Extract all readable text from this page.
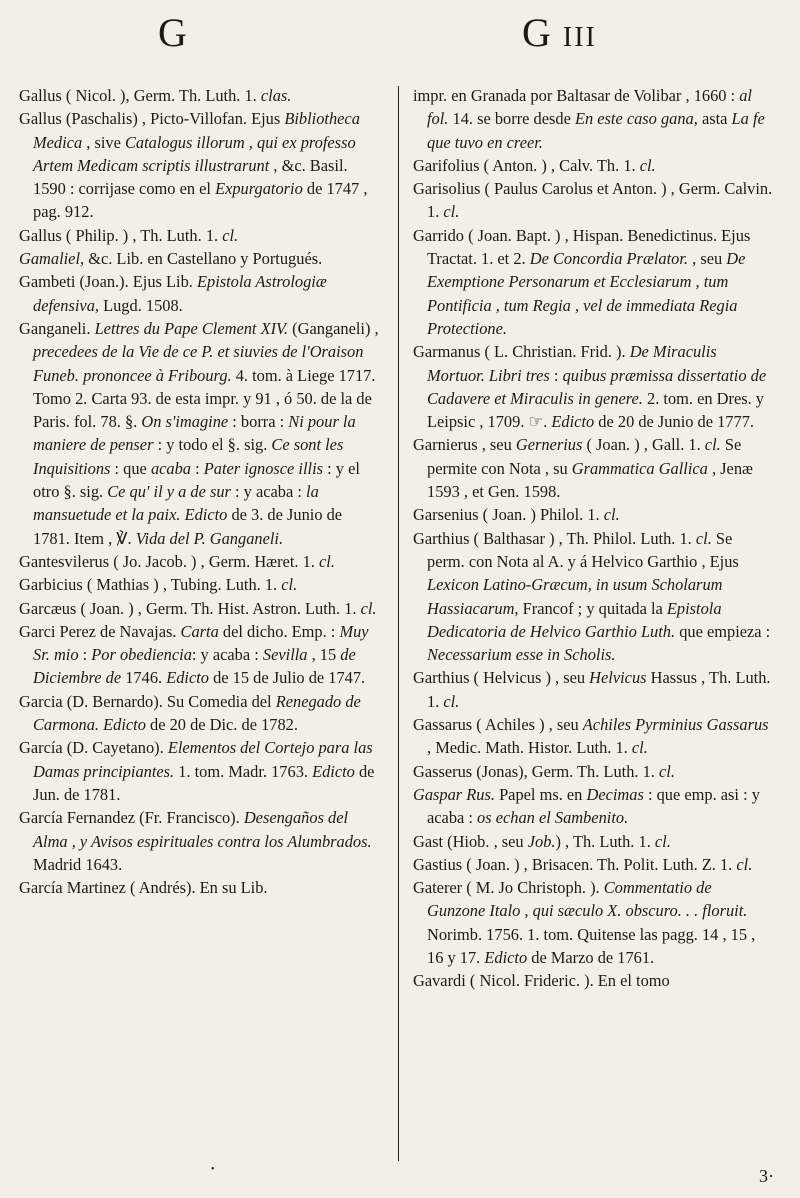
G	G III

Gallus ( Nicol. ), Germ. Th. Luth. 1. clas.

Gallus (Paschalis) , Picto-Villofan. Ejus Bibliotheca Medica , sive Catalogus illorum , qui ex professo Artem Medicam scriptis illustrarunt , &c. Basil. 1590 : corrijase como en el Expurgatorio de 1747 , pag. 912.

Gallus ( Philip. ) , Th. Luth. 1. cl.

Gamaliel, &c. Lib. en Castellano y Portugués.

Gambeti (Joan.). Ejus Lib. Epistola Astrologiæ defensiva, Lugd. 1508.

Ganganeli. Lettres du Pape Clement XIV. (Ganganeli) , precedees de la Vie de ce P. et siuvies de l'Oraison Funeb. prononcee à Fribourg. 4. tom. à Liege 1717. Tomo 2. Carta 93. de esta impr. y 91 , ó 50. de la de Paris. fol. 78. §. On s'imagine : borra : Ni pour la maniere de penser : y todo el §. sig. Ce sont les Inquisitions : que acaba : Pater ignosce illis : y el otro §. sig. Ce qu' il y a de sur : y acaba : la mansuetude et la paix. Edicto de 3. de Junio de 1781. Item , ℣. Vida del P. Ganganeli.

Gantesvilerus ( Jo. Jacob. ) , Germ. Hæret. 1. cl.

Garbicius ( Mathias ) , Tubing. Luth. 1. cl.

Garcæus ( Joan. ) , Germ. Th. Hist. Astron. Luth. 1. cl.

Garci Perez de Navajas. Carta del dicho. Emp. : Muy Sr. mio : Por obediencia: y acaba : Sevilla , 15 de Diciembre de 1746. Edicto de 15 de Julio de 1747.

Garcia (D. Bernardo). Su Comedia del Renegado de Carmona. Edicto de 20 de Dic. de 1782.

García (D. Cayetano). Elementos del Cortejo para las Damas principiantes. 1. tom. Madr. 1763. Edicto de Jun. de 1781.

García Fernandez (Fr. Francisco). Desengaños del Alma , y Avisos espirituales contra los Alumbrados. Madrid 1643.

García Martinez ( Andrés). En su Lib.

impr. en Granada por Baltasar de Volibar , 1660 : al fol. 14. se borre desde En este caso gana, asta La fe que tuvo en creer.

Garifolius ( Anton. ) , Calv. Th. 1. cl.

Garisolius ( Paulus Carolus et Anton. ) , Germ. Calvin. 1. cl.

Garrido ( Joan. Bapt. ) , Hispan. Benedictinus. Ejus Tractat. 1. et 2. De Concordia Prælator. , seu De Exemptione Personarum et Ecclesiarum , tum Pontificia , tum Regia , vel de immediata Regia Protectione.

Garmanus ( L. Christian. Frid. ). De Miraculis Mortuor. Libri tres : quibus præmissa dissertatio de Cadavere et Miraculis in genere. 2. tom. en Dres. y Leipsic , 1709. ☞. Edicto de 20 de Junio de 1777.

Garnierus , seu Gernerius ( Joan. ) , Gall. 1. cl. Se permite con Nota , su Grammatica Gallica , Jenæ 1593 , et Gen. 1598.

Garsenius ( Joan. ) Philol. 1. cl.

Garthius ( Balthasar ) , Th. Philol. Luth. 1. cl. Se perm. con Nota al A. y á Helvico Garthio , Ejus Lexicon Latino-Græcum, in usum Scholarum Hassiacarum, Francof ; y quitada la Epistola Dedicatoria de Helvico Garthio Luth. que empieza : Necessarium esse in Scholis.

Garthius ( Helvicus ) , seu Helvicus Hassus , Th. Luth. 1. cl.

Gassarus ( Achiles ) , seu Achiles Pyrminius Gassarus , Medic. Math. Histor. Luth. 1. cl.

Gasserus (Jonas), Germ. Th. Luth. 1. cl.

Gaspar Rus. Papel ms. en Decimas : que emp. asi : y acaba : os echan el Sambenito.

Gast (Hiob. , seu Job.) , Th. Luth. 1. cl.

Gastius ( Joan. ) , Brisacen. Th. Polit. Luth. Z. 1. cl.

Gaterer ( M. Jo Christoph. ). Commentatio de Gunzone Italo , qui sæculo X. obscuro. . . floruit. Norimb. 1756. 1. tom. Quitense las pagg. 14 , 15 , 16 y 17. Edicto de Marzo de 1761.

Gavardi ( Nicol. Frideric. ). En el tomo

•	3·
